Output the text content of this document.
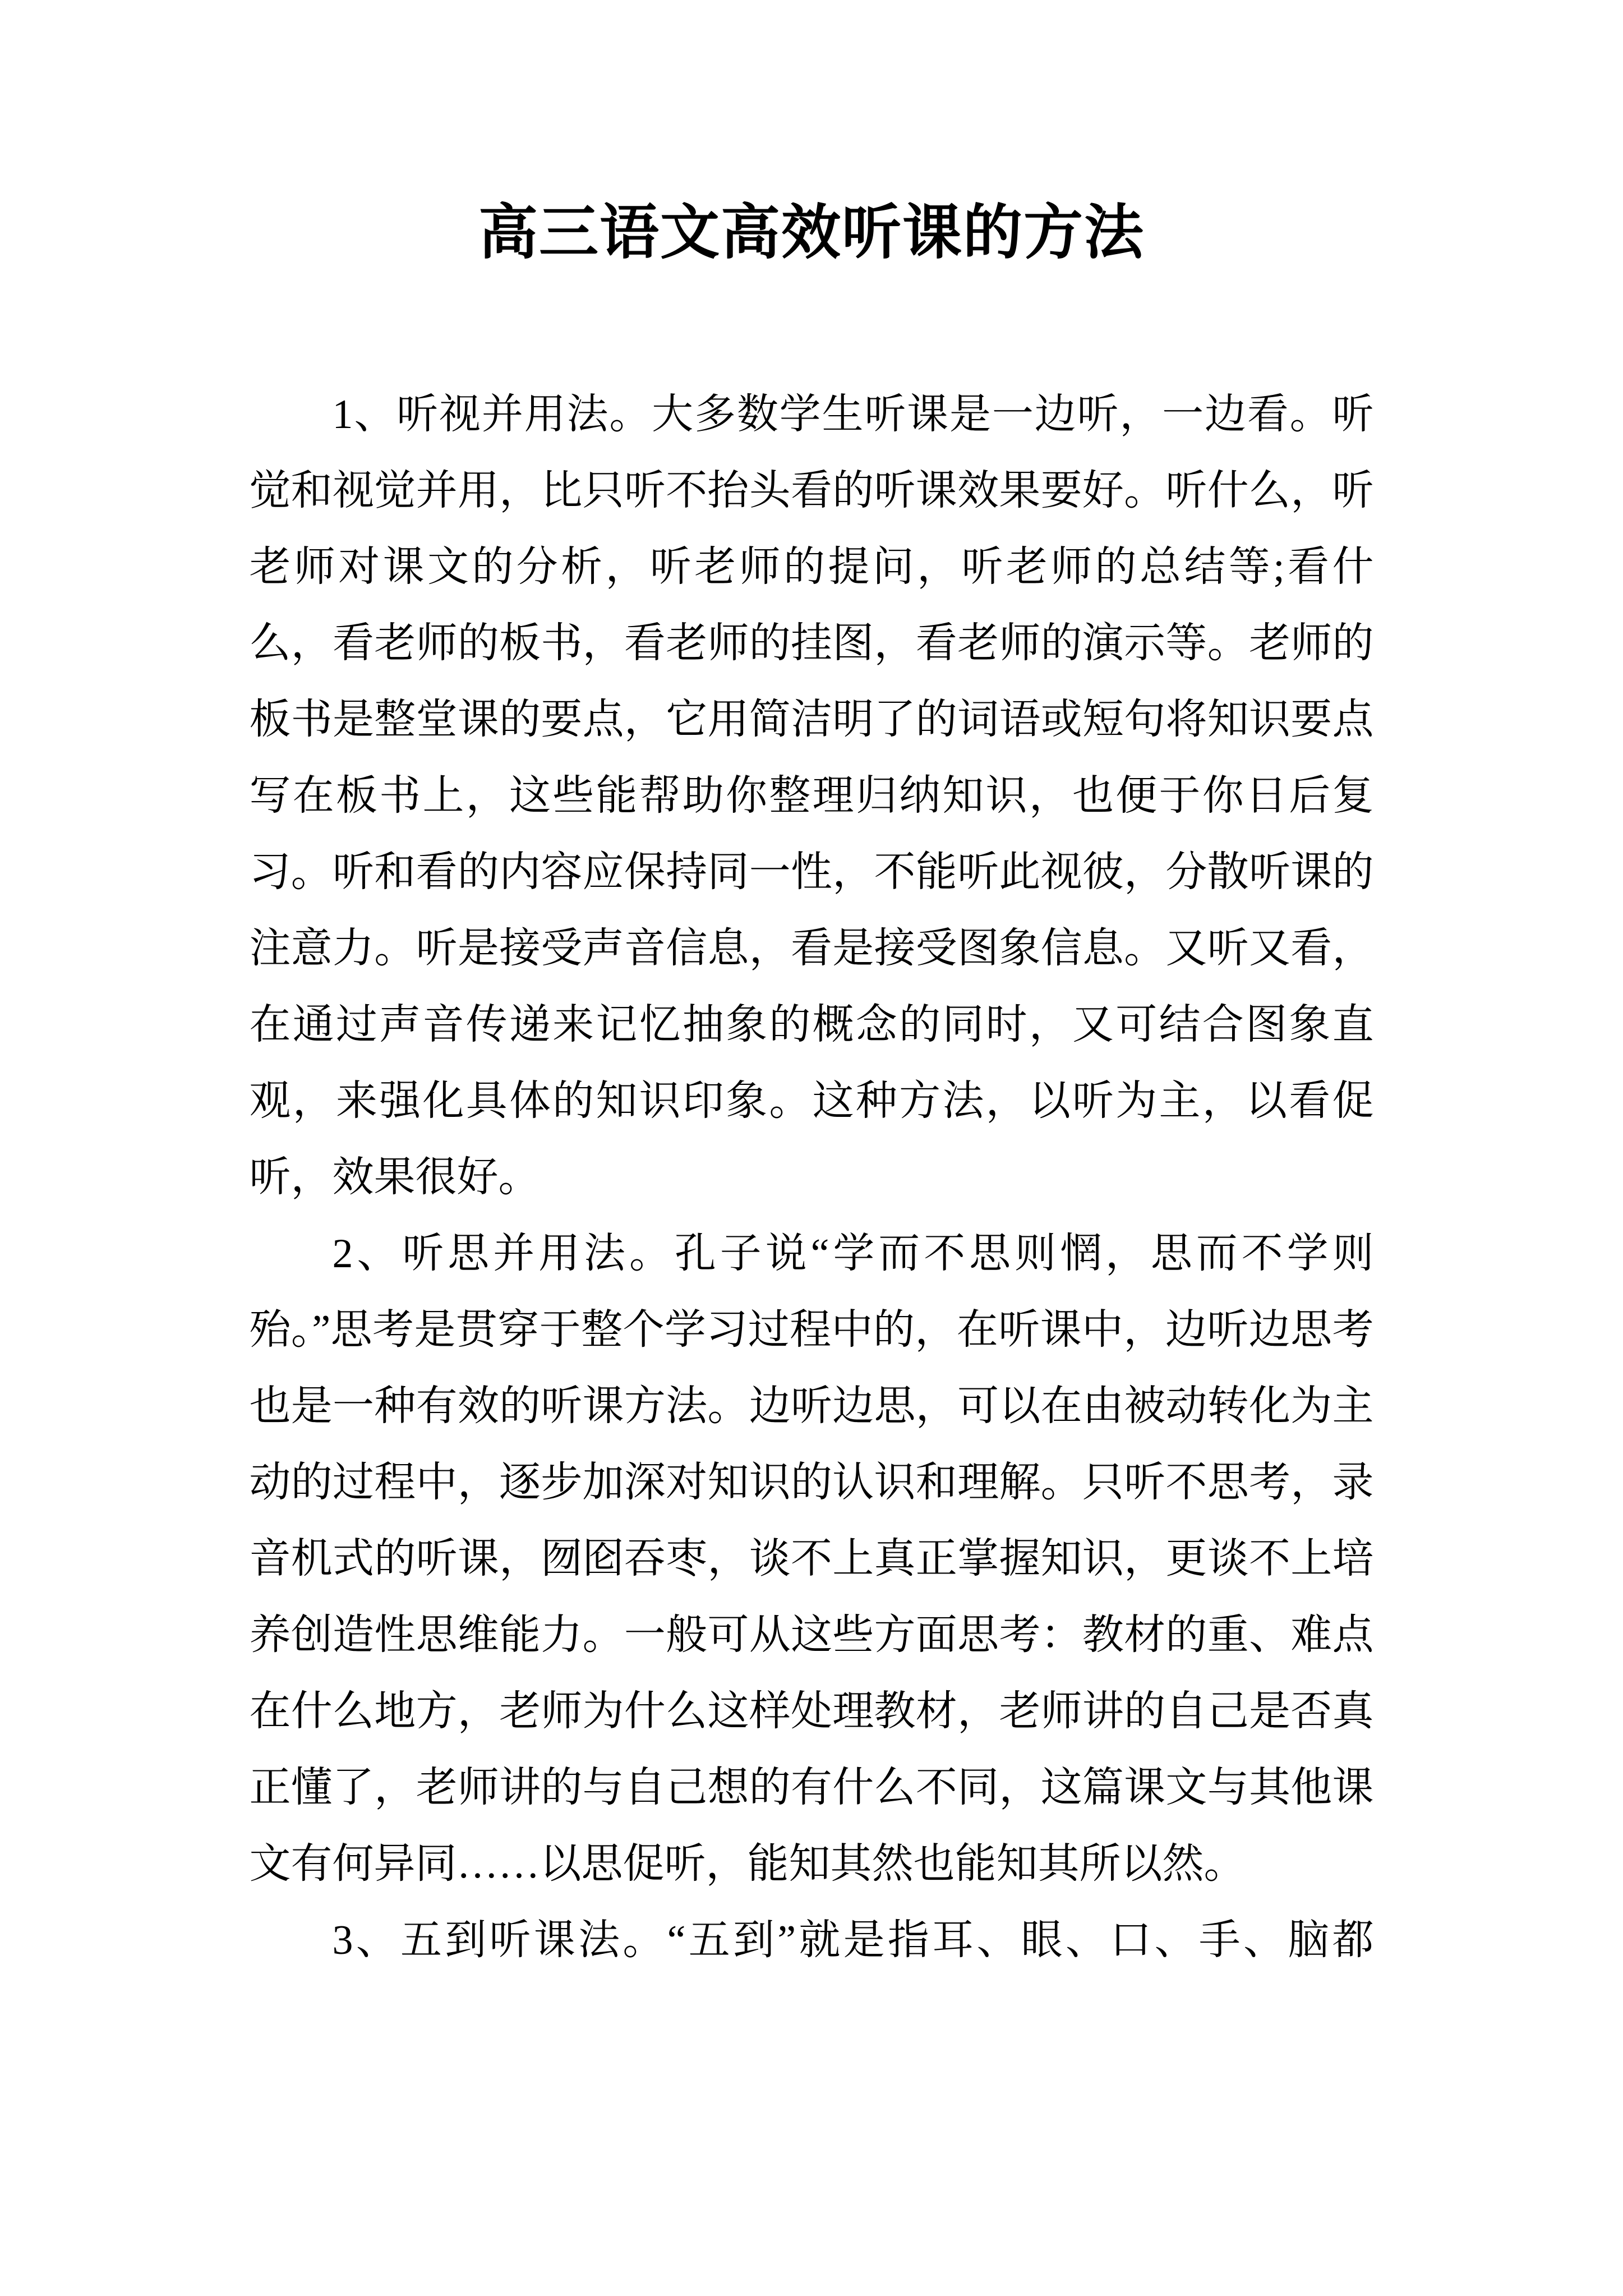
高三语文高效听课的方法

1、听视并用法。大多数学生听课是一边听，一边看。听觉和视觉并用，比只听不抬头看的听课效果要好。听什么，听老师对课文的分析，听老师的提问，听老师的总结等;看什么，看老师的板书，看老师的挂图，看老师的演示等。老师的板书是整堂课的要点，它用简洁明了的词语或短句将知识要点写在板书上，这些能帮助你整理归纳知识，也便于你日后复习。听和看的内容应保持同一性，不能听此视彼，分散听课的注意力。听是接受声音信息，看是接受图象信息。又听又看，在通过声音传递来记忆抽象的概念的同时，又可结合图象直观，来强化具体的知识印象。这种方法，以听为主，以看促听，效果很好。

2、听思并用法。孔子说“学而不思则惘，思而不学则殆。”思考是贯穿于整个学习过程中的，在听课中，边听边思考也是一种有效的听课方法。边听边思，可以在由被动转化为主动的过程中，逐步加深对知识的认识和理解。只听不思考，录音机式的听课，囫囵吞枣，谈不上真正掌握知识，更谈不上培养创造性思维能力。一般可从这些方面思考：教材的重、难点在什么地方，老师为什么这样处理教材，老师讲的自己是否真正懂了，老师讲的与自己想的有什么不同，这篇课文与其他课文有何异同……以思促听，能知其然也能知其所以然。

3、五到听课法。“五到”就是指耳、眼、口、手、脑都
